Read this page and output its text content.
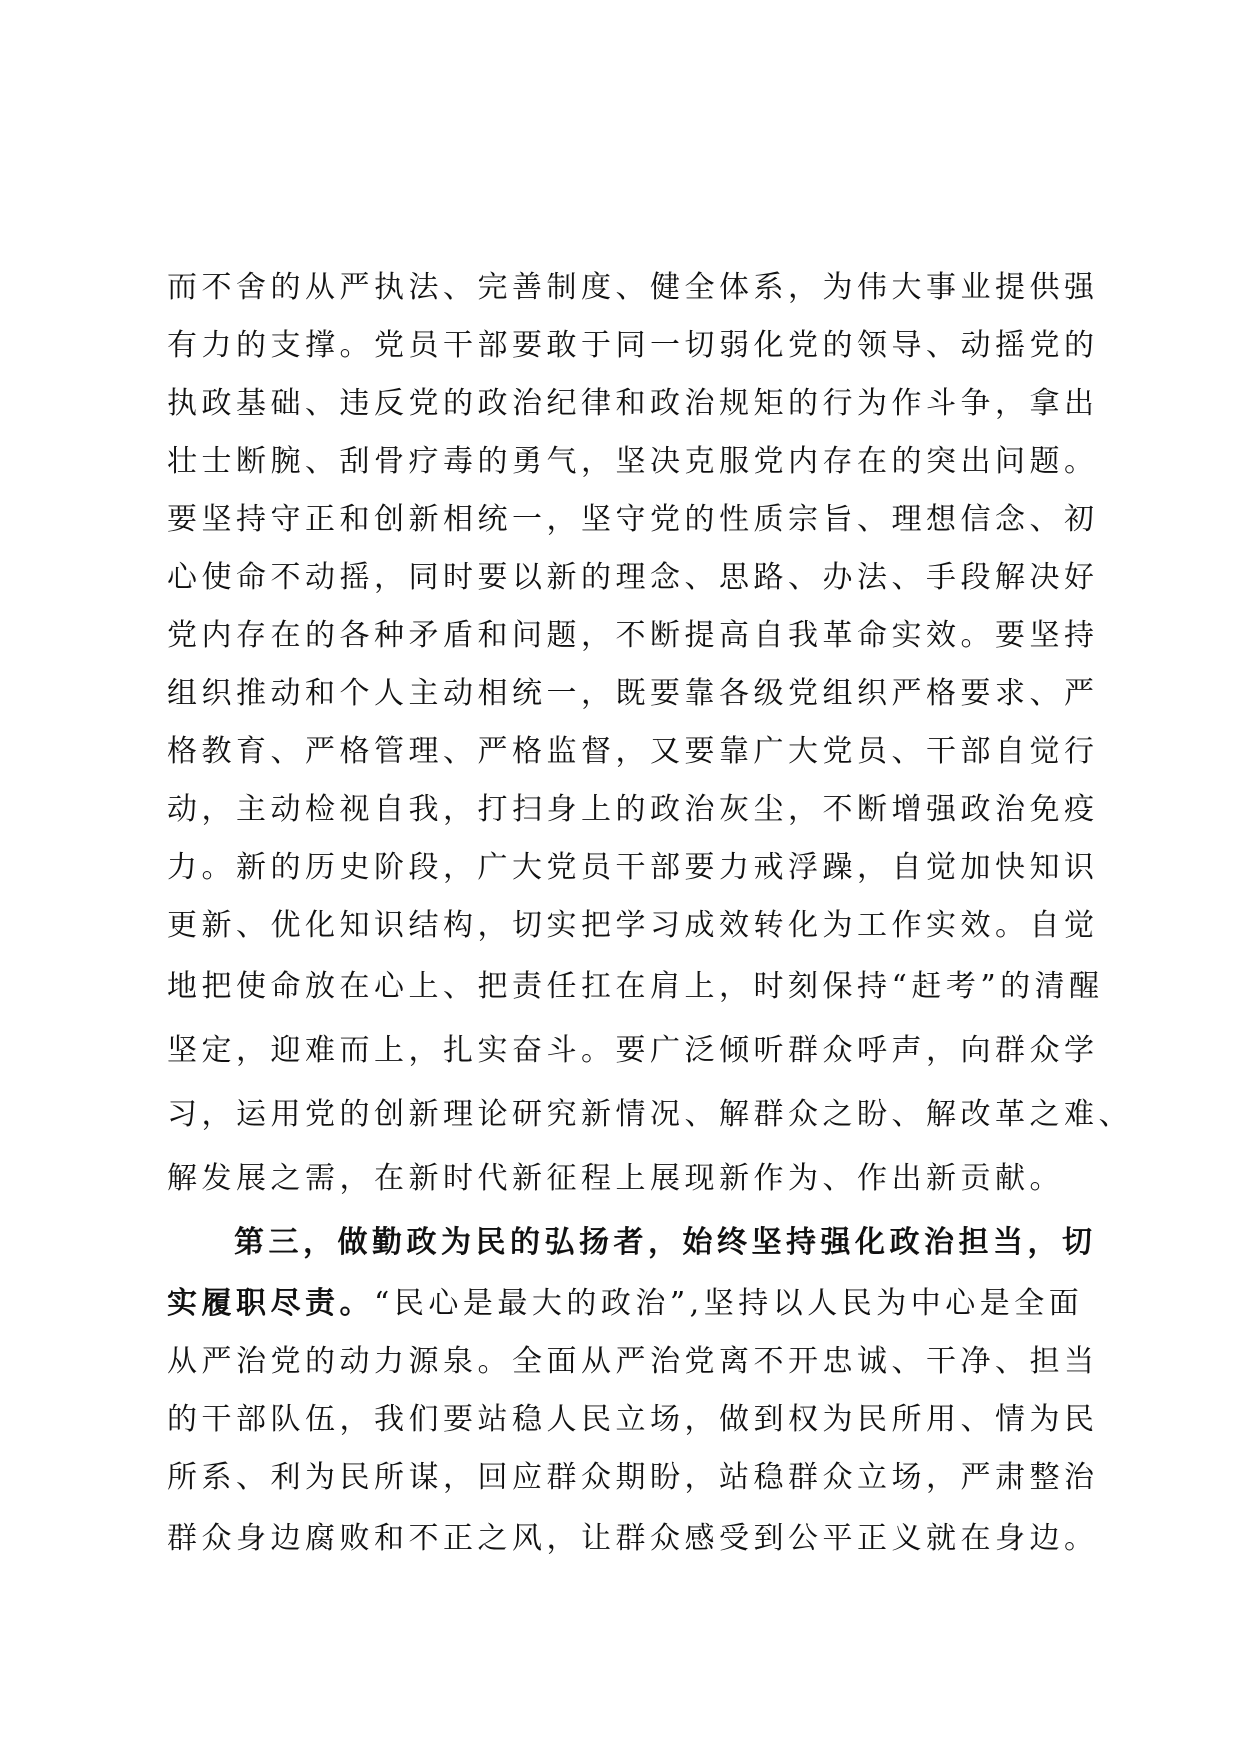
而不舍的从严执法、完善制度、健全体系，为伟大事业提供强
有力的支撑。党员干部要敢于同一切弱化党的领导、动摇党的
执政基础、违反党的政治纪律和政治规矩的行为作斗争，拿出
壮士断腕、刮骨疗毒的勇气，坚决克服党内存在的突出问题。
要坚持守正和创新相统一，坚守党的性质宗旨、理想信念、初
心使命不动摇，同时要以新的理念、思路、办法、手段解决好
党内存在的各种矛盾和问题，不断提高自我革命实效。要坚持
组织推动和个人主动相统一，既要靠各级党组织严格要求、严
格教育、严格管理、严格监督，又要靠广大党员、干部自觉行
动，主动检视自我，打扫身上的政治灰尘，不断增强政治免疫
力。新的历史阶段，广大党员干部要力戒浮躁，自觉加快知识
更新、优化知识结构，切实把学习成效转化为工作实效。自觉
地把使命放在心上、把责任扛在肩上，时刻保持“赶考”的清醒
坚定，迎难而上，扎实奋斗。要广泛倾听群众呼声，向群众学
习，运用党的创新理论研究新情况、解群众之盼、解改革之难、
解发展之需，在新时代新征程上展现新作为、作出新贡献。
第三，做勤政为民的弘扬者，始终坚持强化政治担当，切
实履职尽责。“民心是最大的政治”,坚持以人民为中心是全面
从严治党的动力源泉。全面从严治党离不开忠诚、干净、担当
的干部队伍，我们要站稳人民立场，做到权为民所用、情为民
所系、利为民所谋，回应群众期盼，站稳群众立场，严肃整治
群众身边腐败和不正之风，让群众感受到公平正义就在身边。
